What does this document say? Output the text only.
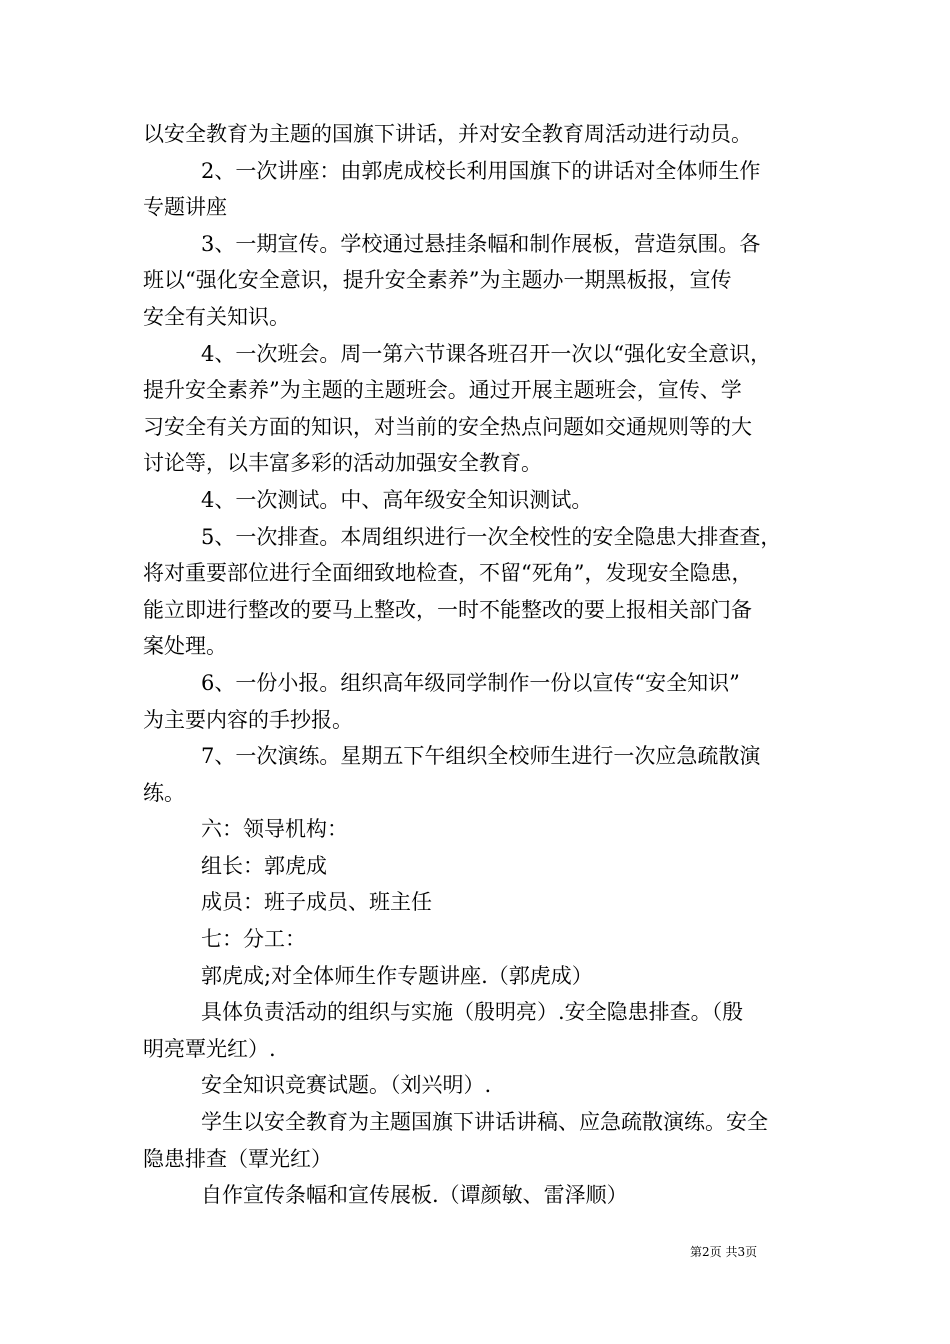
以安全教育为主题的国旗下讲话，并对安全教育周活动进行动员。
2、一次讲座：由郭虎成校长利用国旗下的讲话对全体师生作
专题讲座
3、一期宣传。学校通过悬挂条幅和制作展板，营造氛围。各
班以“强化安全意识，提升安全素养”为主题办一期黑板报，宣传
安全有关知识。
4、一次班会。周一第六节课各班召开一次以“强化安全意识，
提升安全素养”为主题的主题班会。通过开展主题班会，宣传、学
习安全有关方面的知识，对当前的安全热点问题如交通规则等的大
讨论等，以丰富多彩的活动加强安全教育。
4、一次测试。中、高年级安全知识测试。
5、一次排查。本周组织进行一次全校性的安全隐患大排查查，
将对重要部位进行全面细致地检查，不留“死角”，发现安全隐患，
能立即进行整改的要马上整改，一时不能整改的要上报相关部门备
案处理。
6、一份小报。组织高年级同学制作一份以宣传“安全知识”
为主要内容的手抄报。
7、一次演练。星期五下午组织全校师生进行一次应急疏散演
练。
六：领导机构：
组长：郭虎成
成员：班子成员、班主任
七：分工：
郭虎成;对全体师生作专题讲座.（郭虎成）
具体负责活动的组织与实施（殷明亮）.安全隐患排查。（殷
明亮覃光红）.
安全知识竞赛试题。（刘兴明）.
学生以安全教育为主题国旗下讲话讲稿、应急疏散演练。安全
隐患排查（覃光红）
自作宣传条幅和宣传展板.（谭颜敏、雷泽顺）
第2页 共3页
